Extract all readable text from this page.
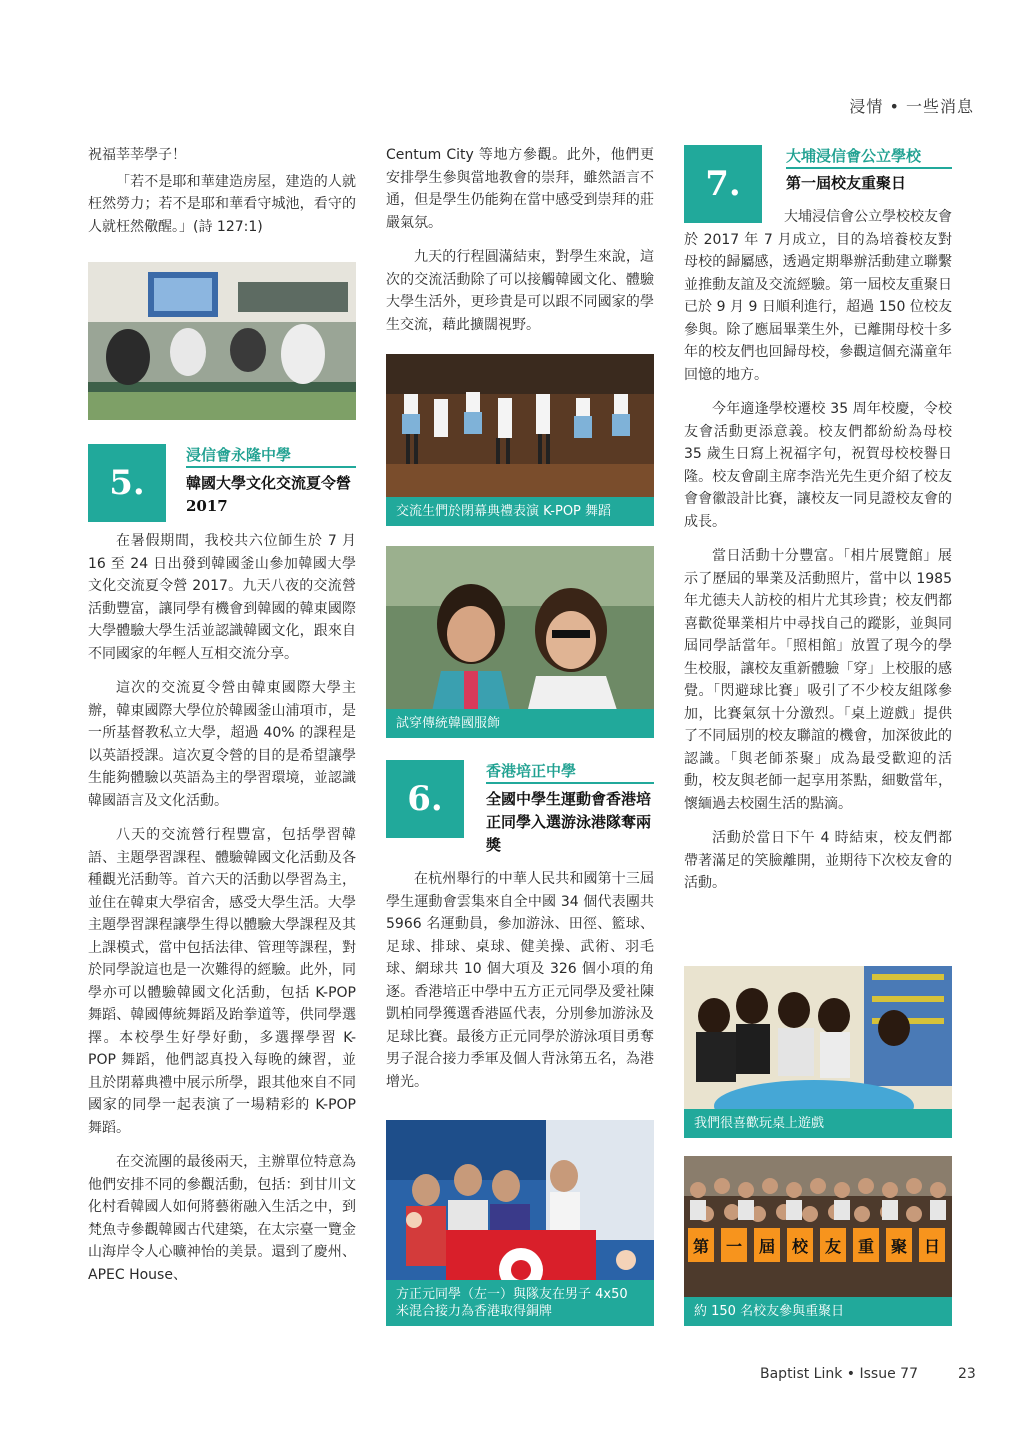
浸情 • 一些消息

祝福莘莘學子！

「若不是耶和華建造房屋，建造的人就枉然勞力；若不是耶和華看守城池，看守的人就枉然儆醒。」(詩 127:1)

5.
浸信會永隆中學
韓國大學文化交流夏令營 2017

在暑假期間，我校共六位師生於 7 月 16 至 24 日出發到韓國釜山參加韓國大學文化交流夏令營 2017。九天八夜的交流營活動豐富，讓同學有機會到韓國的韓東國際大學體驗大學生活並認識韓國文化，跟來自不同國家的年輕人互相交流分享。

這次的交流夏令營由韓東國際大學主辦，韓東國際大學位於韓國釜山浦項市，是一所基督教私立大學，超過 40% 的課程是以英語授課。這次夏令營的目的是希望讓學生能夠體驗以英語為主的學習環境，並認識韓國語言及文化活動。

八天的交流營行程豐富，包括學習韓語、主題學習課程、體驗韓國文化活動及各種觀光活動等。首六天的活動以學習為主，並住在韓東大學宿舍，感受大學生活。大學主題學習課程讓學生得以體驗大學課程及其上課模式，當中包括法律、管理等課程，對於同學說這也是一次難得的經驗。此外，同學亦可以體驗韓國文化活動，包括 K-POP 舞蹈、韓國傳統舞蹈及跆拳道等，供同學選擇。本校學生好學好動，多選擇學習 K-POP 舞蹈，他們認真投入每晚的練習，並且於閉幕典禮中展示所學，跟其他來自不同國家的同學一起表演了一場精彩的 K-POP 舞蹈。

在交流團的最後兩天，主辦單位特意為他們安排不同的參觀活動，包括：到甘川文化村看韓國人如何將藝術融入生活之中，到梵魚寺參觀韓國古代建築，在太宗臺一覽金山海岸令人心曠神怡的美景。還到了慶州、APEC House、

Centum City 等地方參觀。此外，他們更安排學生參與當地教會的崇拜，雖然語言不通，但是學生仍能夠在當中感受到崇拜的莊嚴氣氛。

九天的行程圓滿結束，對學生來說，這次的交流活動除了可以接觸韓國文化、體驗大學生活外，更珍貴是可以跟不同國家的學生交流，藉此擴闊視野。

交流生們於閉幕典禮表演 K-POP 舞蹈
試穿傳統韓國服飾
6.
香港培正中學
全國中學生運動會香港培正同學入選游泳港隊奪兩獎

在杭州舉行的中華人民共和國第十三屆學生運動會雲集來自全中國 34 個代表團共 5966 名運動員，參加游泳、田徑、籃球、足球、排球、桌球、健美操、武術、羽毛球、網球共 10 個大項及 326 個小項的角逐。香港培正中學中五方正元同學及愛社陳凱柏同學獲選香港區代表，分別參加游泳及足球比賽。最後方正元同學於游泳項目勇奪男子混合接力季軍及個人背泳第五名，為港增光。

方正元同學（左一）與隊友在男子 4x50 米混合接力為香港取得銅牌
7.
大埔浸信會公立學校
第一屆校友重聚日

大埔浸信會公立學校校友會於 2017 年 7 月成立，目的為培養校友對母校的歸屬感，透過定期舉辦活動建立聯繫並推動友誼及交流經驗。第一屆校友重聚日已於 9 月 9 日順利進行，超過 150 位校友參與。除了應屆畢業生外，已離開母校十多年的校友們也回歸母校，參觀這個充滿童年回憶的地方。

今年適逢學校遷校 35 周年校慶，令校友會活動更添意義。校友們都紛紛為母校 35 歲生日寫上祝福字句，祝賀母校校譽日隆。校友會副主席李浩光先生更介紹了校友會會徽設計比賽，讓校友一同見證校友會的成長。

當日活動十分豐富。「相片展覽館」展示了歷屆的畢業及活動照片，當中以 1985 年尤德夫人訪校的相片尤其珍貴；校友們都喜歡從畢業相片中尋找自己的蹤影，並與同屆同學話當年。「照相館」放置了現今的學生校服，讓校友重新體驗「穿」上校服的感覺。「閃避球比賽」吸引了不少校友組隊參加，比賽氣氛十分激烈。「桌上遊戲」提供了不同屆別的校友聯誼的機會，加深彼此的認識。「與老師茶聚」成為最受歡迎的活動，校友與老師一起享用茶點，細數當年，懷緬過去校園生活的點滴。

活動於當日下午 4 時結束，校友們都帶著滿足的笑臉離開，並期待下次校友會的活動。

我們很喜歡玩桌上遊戲
第	一	屆	校	友	重	聚	日
約 150 名校友參與重聚日
Baptist Link • Issue 77	23
